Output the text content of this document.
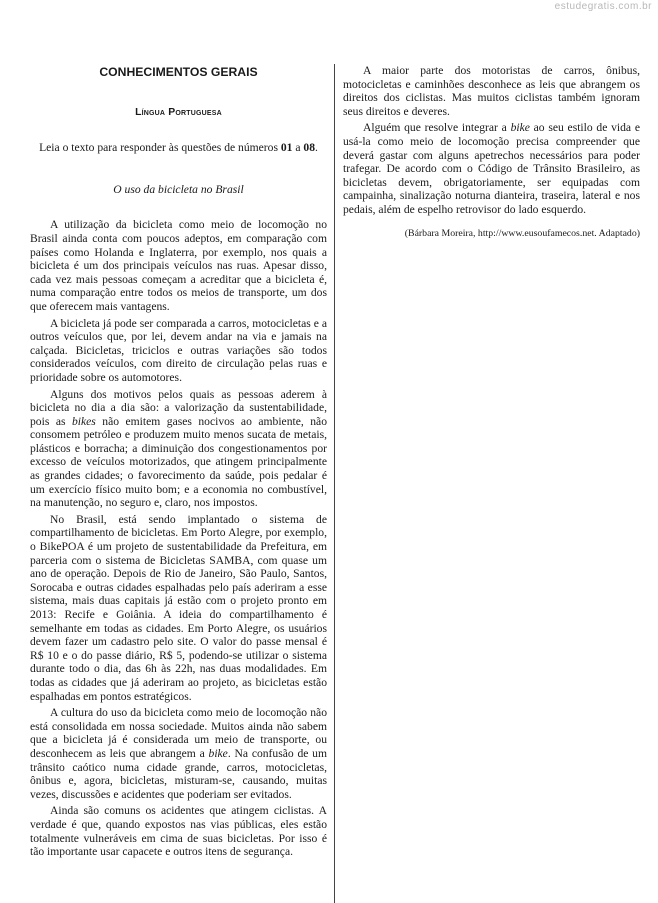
estudegratis.com.br
CONHECIMENTOS GERAIS
Língua Portuguesa
Leia o texto para responder às questões de números 01 a 08.
O uso da bicicleta no Brasil

A utilização da bicicleta como meio de locomoção no Brasil ainda conta com poucos adeptos, em comparação com países como Holanda e Inglaterra, por exemplo, nos quais a bicicleta é um dos principais veículos nas ruas. Apesar disso, cada vez mais pessoas começam a acreditar que a bicicleta é, numa comparação entre todos os meios de transporte, um dos que oferecem mais vantagens.

A bicicleta já pode ser comparada a carros, motocicletas e a outros veículos que, por lei, devem andar na via e jamais na calçada. Bicicletas, triciclos e outras variações são todos considerados veículos, com direito de circulação pelas ruas e prioridade sobre os automotores.

Alguns dos motivos pelos quais as pessoas aderem à bicicleta no dia a dia são: a valorização da sustentabilidade, pois as bikes não emitem gases nocivos ao ambiente, não consomem petróleo e produzem muito menos sucata de metais, plásticos e borracha; a diminuição dos congestionamentos por excesso de veículos motorizados, que atingem principalmente as grandes cidades; o favorecimento da saúde, pois pedalar é um exercício físico muito bom; e a economia no combustível, na manutenção, no seguro e, claro, nos impostos.

No Brasil, está sendo implantado o sistema de compartilhamento de bicicletas. Em Porto Alegre, por exemplo, o BikePOA é um projeto de sustentabilidade da Prefeitura, em parceria com o sistema de Bicicletas SAMBA, com quase um ano de operação. Depois de Rio de Janeiro, São Paulo, Santos, Sorocaba e outras cidades espalhadas pelo país aderiram a esse sistema, mais duas capitais já estão com o projeto pronto em 2013: Recife e Goiânia. A ideia do compartilhamento é semelhante em todas as cidades. Em Porto Alegre, os usuários devem fazer um cadastro pelo site. O valor do passe mensal é R$ 10 e o do passe diário, R$ 5, podendo-se utilizar o sistema durante todo o dia, das 6h às 22h, nas duas modalidades. Em todas as cidades que já aderiram ao projeto, as bicicletas estão espalhadas em pontos estratégicos.

A cultura do uso da bicicleta como meio de locomoção não está consolidada em nossa sociedade. Muitos ainda não sabem que a bicicleta já é considerada um meio de transporte, ou desconhecem as leis que abrangem a bike. Na confusão de um trânsito caótico numa cidade grande, carros, motocicletas, ônibus e, agora, bicicletas, misturam-se, causando, muitas vezes, discussões e acidentes que poderiam ser evitados.

Ainda são comuns os acidentes que atingem ciclistas. A verdade é que, quando expostos nas vias públicas, eles estão totalmente vulneráveis em cima de suas bicicletas. Por isso é tão importante usar capacete e outros itens de segurança.

A maior parte dos motoristas de carros, ônibus, motocicletas e caminhões desconhece as leis que abrangem os direitos dos ciclistas. Mas muitos ciclistas também ignoram seus direitos e deveres.

Alguém que resolve integrar a bike ao seu estilo de vida e usá-la como meio de locomoção precisa compreender que deverá gastar com alguns apetrechos necessários para poder trafegar. De acordo com o Código de Trânsito Brasileiro, as bicicletas devem, obrigatoriamente, ser equipadas com campainha, sinalização noturna dianteira, traseira, lateral e nos pedais, além de espelho retrovisor do lado esquerdo.

(Bárbara Moreira, http://www.eusoufamecos.net. Adaptado)
